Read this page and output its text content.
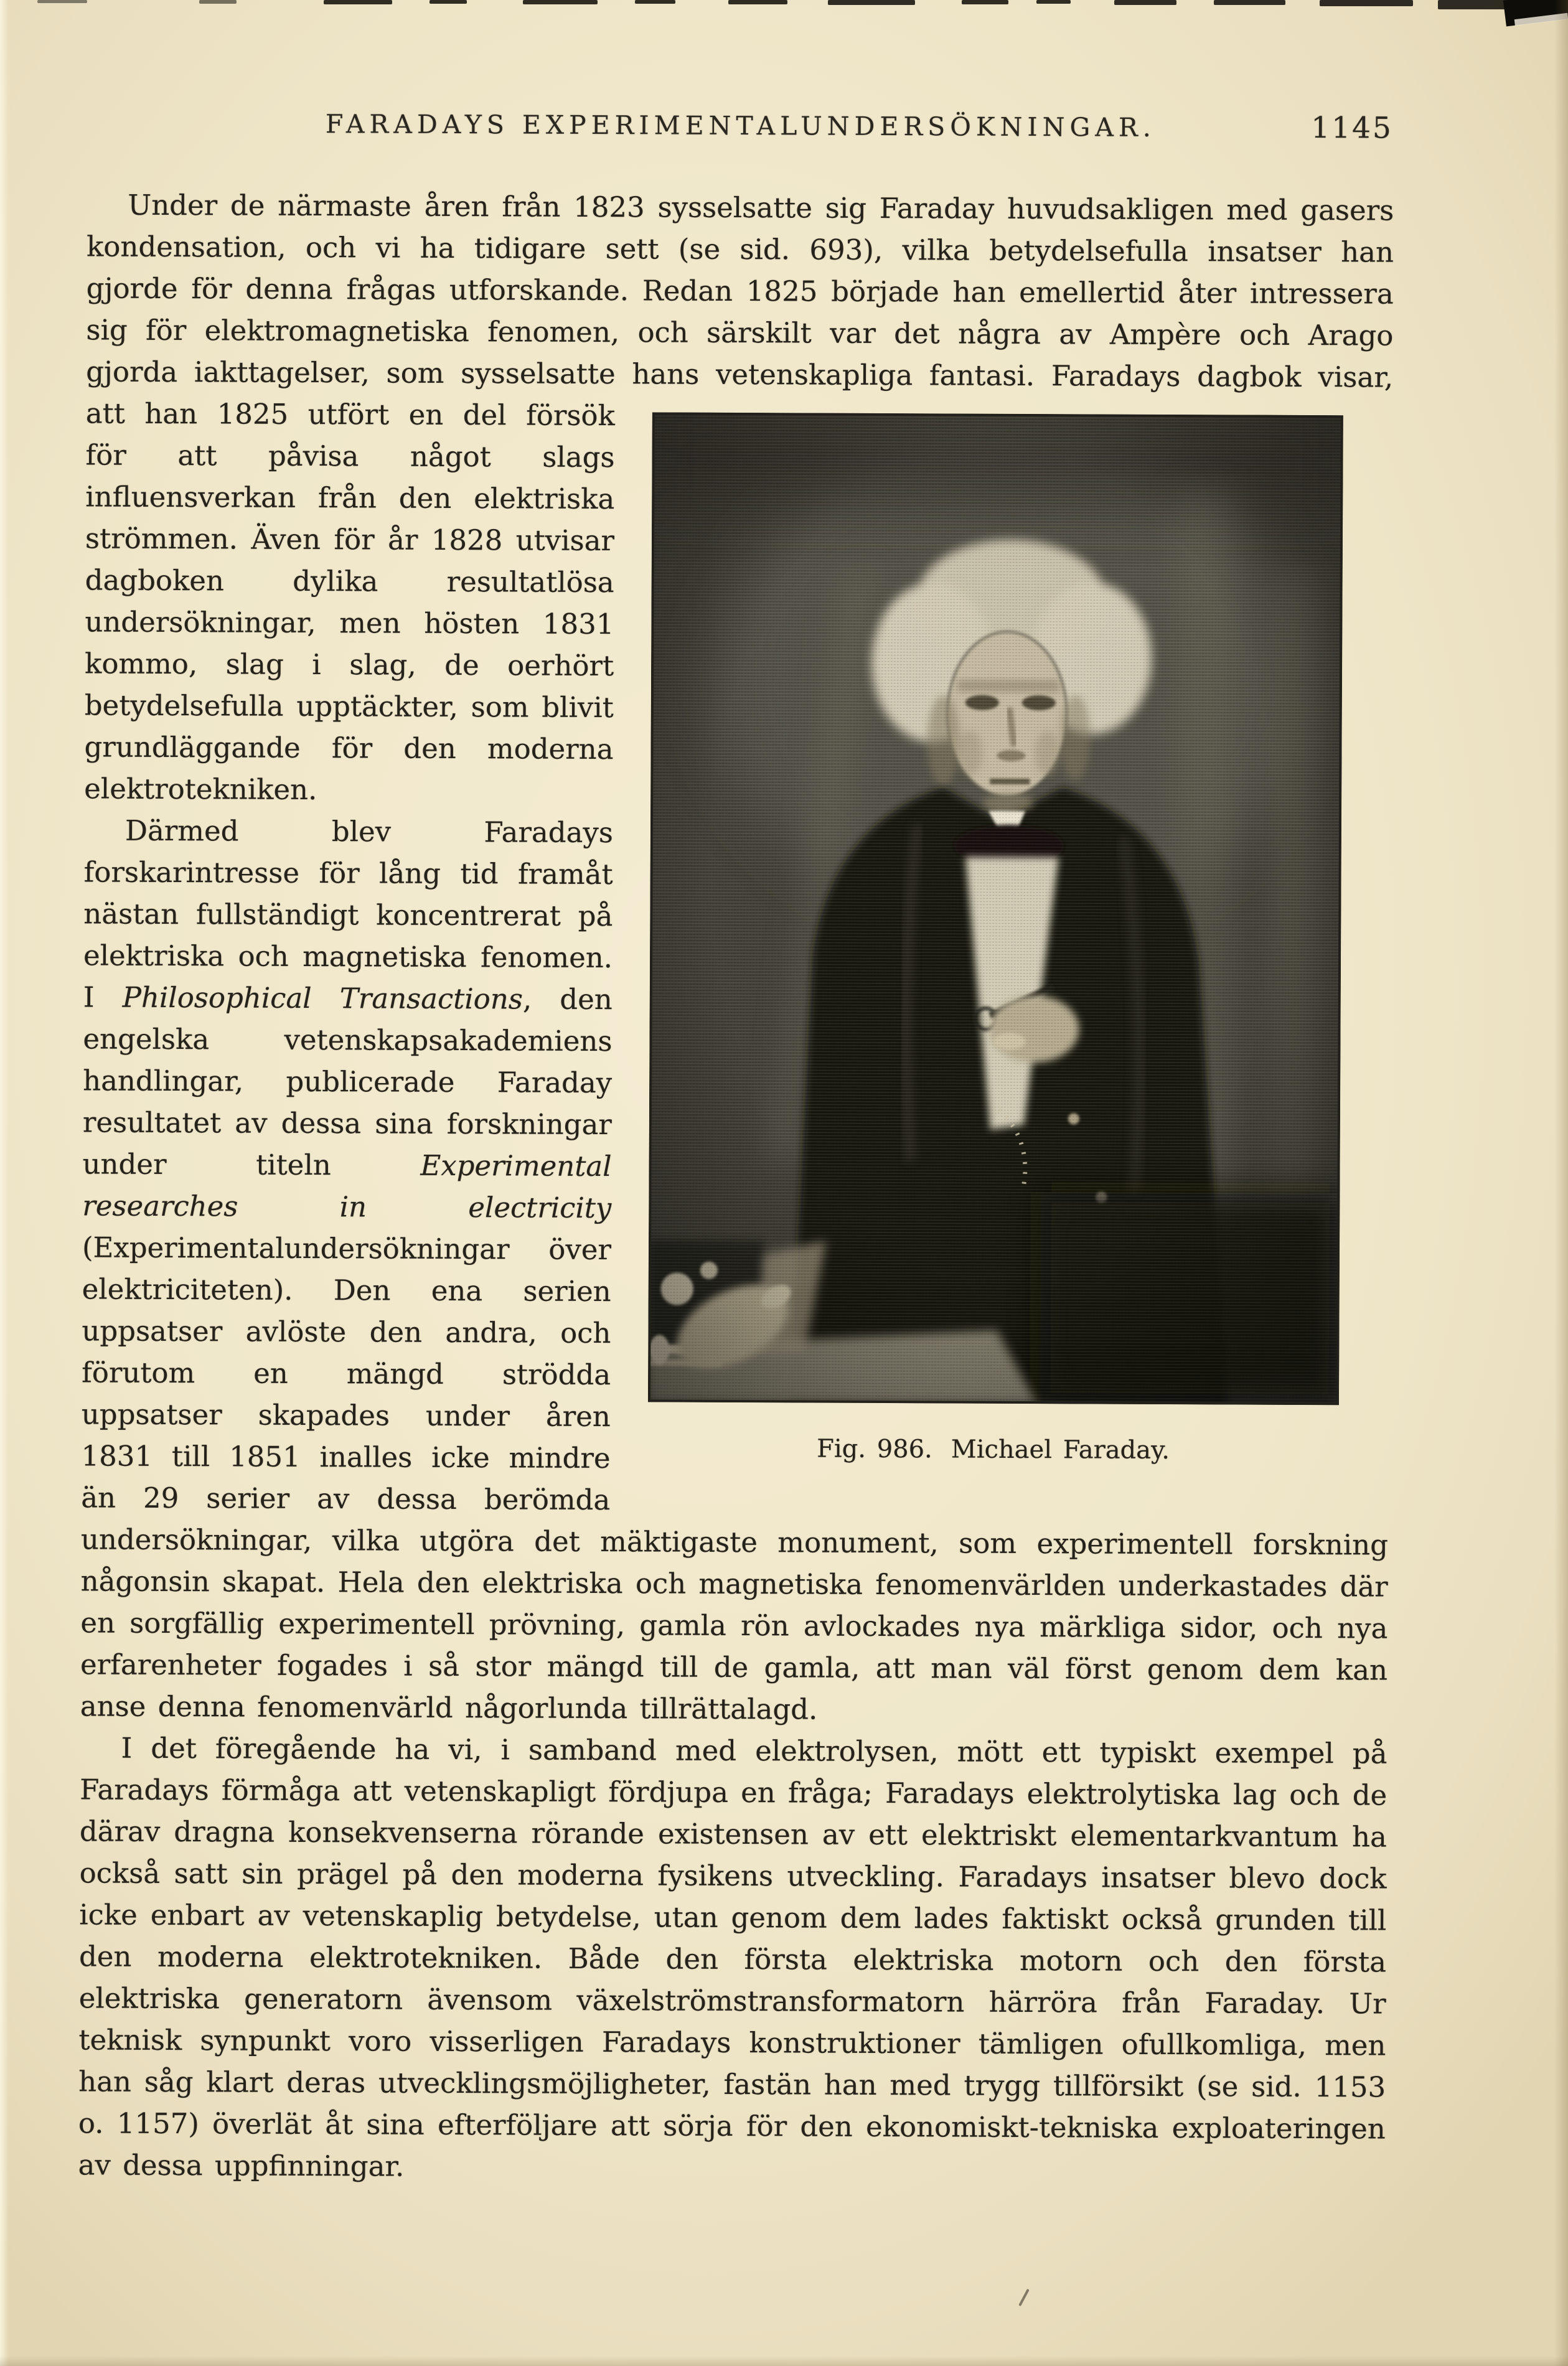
FARADAYS EXPERIMENTALUNDERSÖKNINGAR.	1145

Under de närmaste åren från 1823 sysselsatte sig Faraday huvudsakligen med gasers kondensation, och vi ha tidigare sett (se sid. 693), vilka betydelsefulla insatser han gjorde för denna frågas utforskande. Redan 1825 började han emellertid åter intressera sig för elektromagnetiska fenomen, och särskilt var det några av Ampère och Arago gjorda iakttagelser, som sysselsatte hans vetenskapliga fantasi. Faradays dagbok visar,
Fig. 986. Michael Faraday.
att han 1825 utfört en del försök för att påvisa något slags influensverkan från den elektriska strömmen. Även för år 1828 utvisar dagboken dylika resultatlösa undersökningar, men hösten 1831 kommo, slag i slag, de oerhört betydelsefulla upptäckter, som blivit grundläggande för den moderna elektrotekniken.

Därmed blev Faradays forskarintresse för lång tid framåt nästan fullständigt koncentrerat på elektriska och magnetiska fenomen. I Philosophical Transactions, den engelska vetenskapsakademiens handlingar, publicerade Faraday resultatet av dessa sina forskningar under titeln Experimental researches in electricity (Experimentalundersökningar över elektriciteten). Den ena serien uppsatser avlöste den andra, och förutom en mängd strödda uppsatser skapades under åren 1831 till 1851 inalles icke mindre än 29 serier av dessa berömda undersökningar, vilka utgöra det mäktigaste monument, som experimentell forskning någonsin skapat. Hela den elektriska och magnetiska fenomenvärlden underkastades där en sorgfällig experimentell prövning, gamla rön avlockades nya märkliga sidor, och nya erfarenheter fogades i så stor mängd till de gamla, att man väl först genom dem kan anse denna fenomenvärld någorlunda tillrättalagd.

I det föregående ha vi, i samband med elektrolysen, mött ett typiskt exempel på Faradays förmåga att vetenskapligt fördjupa en fråga; Faradays elektrolytiska lag och de därav dragna konsekvenserna rörande existensen av ett elektriskt elementarkvantum ha också satt sin prägel på den moderna fysikens utveckling. Faradays insatser blevo dock icke enbart av vetenskaplig betydelse, utan genom dem lades faktiskt också grunden till den moderna elektrotekniken. Både den första elektriska motorn och den första elektriska generatorn ävensom växelströmstransformatorn härröra från Faraday. Ur teknisk synpunkt voro visserligen Faradays konstruktioner tämligen ofullkomliga, men han såg klart deras utvecklingsmöjligheter, fastän han med trygg tillförsikt (se sid. 1153 o. 1157) överlät åt sina efterföljare att sörja för den ekonomiskt-tekniska exploateringen av dessa uppfinningar.
